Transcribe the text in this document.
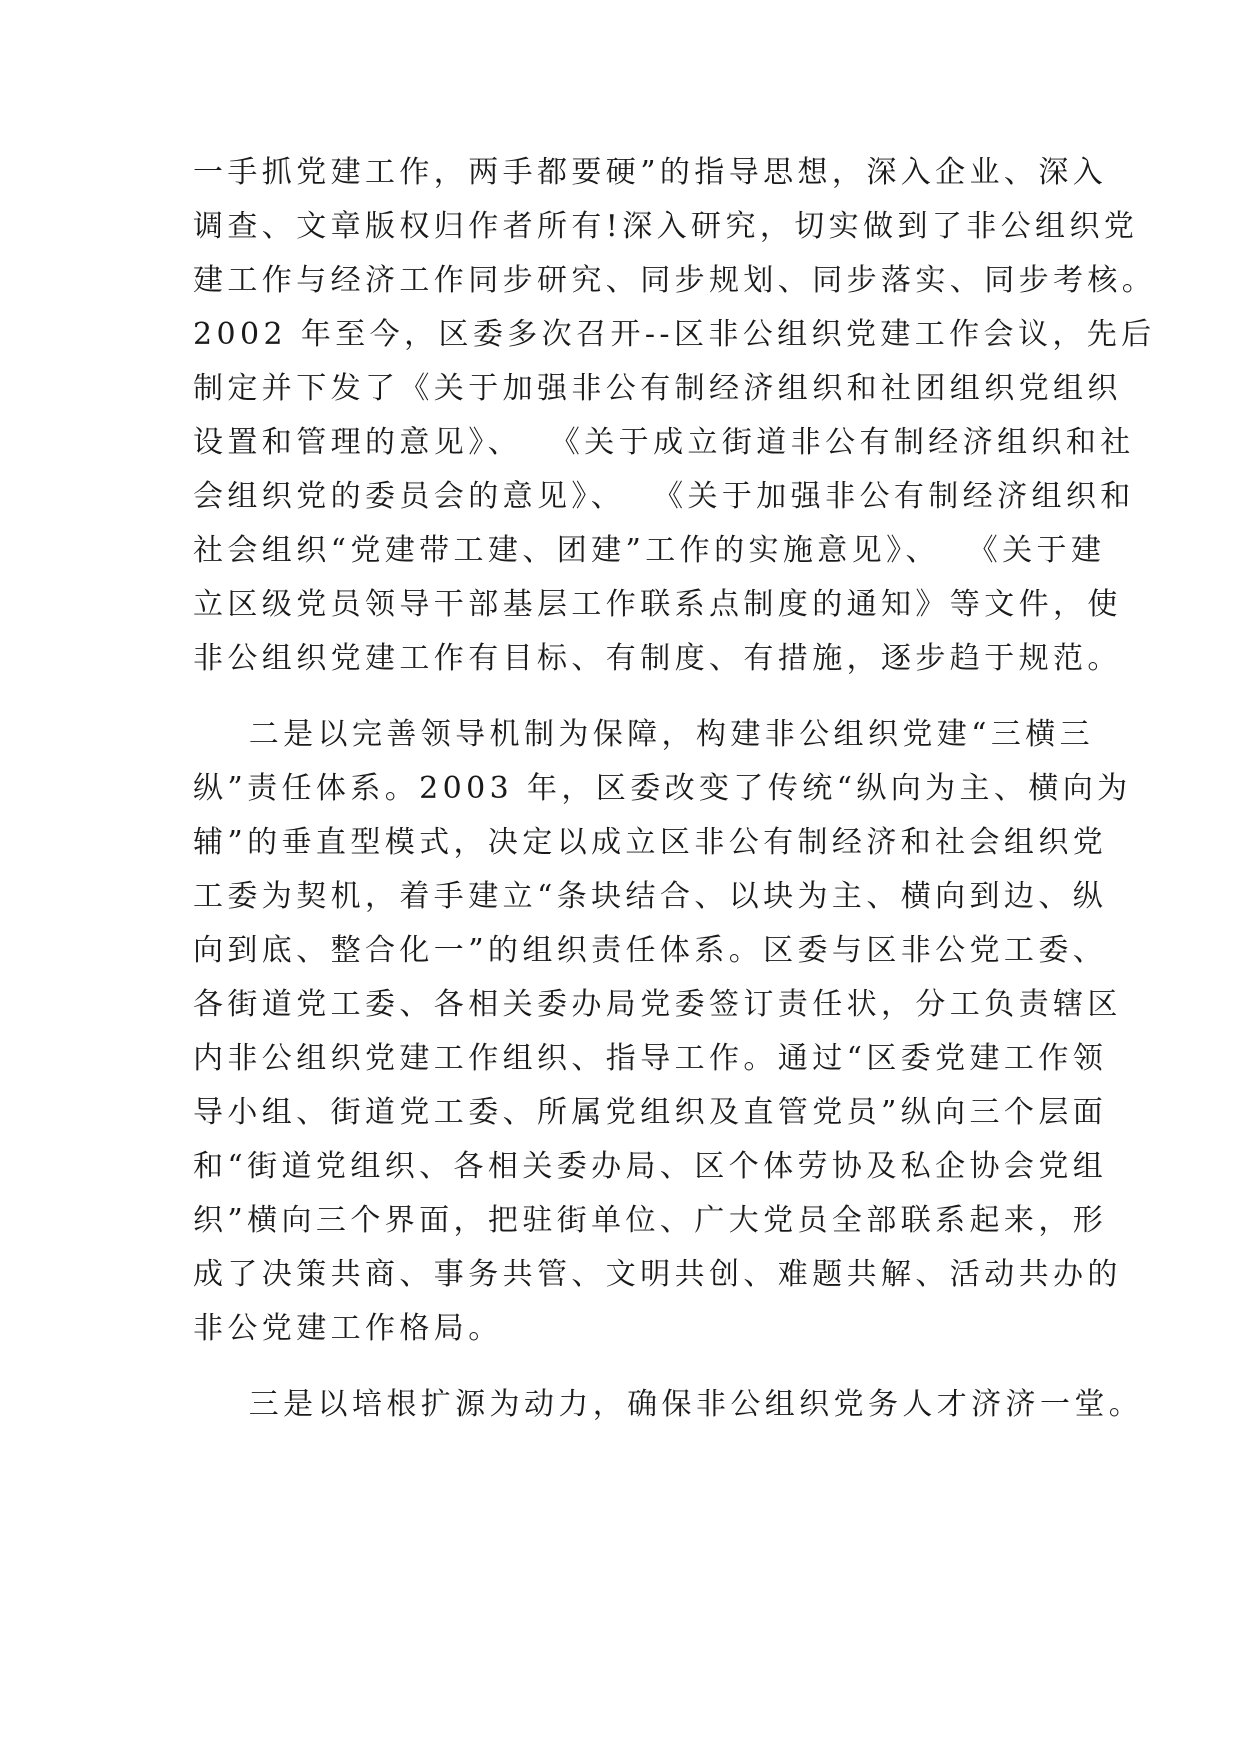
一手抓党建工作，两手都要硬”的指导思想，深入企业、深入
调查、文章版权归作者所有!深入研究，切实做到了非公组织党
建工作与经济工作同步研究、同步规划、同步落实、同步考核。
2002 年至今，区委多次召开--区非公组织党建工作会议，先后
制定并下发了《关于加强非公有制经济组织和社团组织党组织
设置和管理的意见》、  《关于成立街道非公有制经济组织和社
会组织党的委员会的意见》、  《关于加强非公有制经济组织和
社会组织“党建带工建、团建”工作的实施意见》、  《关于建
立区级党员领导干部基层工作联系点制度的通知》等文件，使
非公组织党建工作有目标、有制度、有措施，逐步趋于规范。
二是以完善领导机制为保障，构建非公组织党建“三横三
纵”责任体系。2003 年，区委改变了传统“纵向为主、横向为
辅”的垂直型模式，决定以成立区非公有制经济和社会组织党
工委为契机，着手建立“条块结合、以块为主、横向到边、纵
向到底、整合化一”的组织责任体系。区委与区非公党工委、
各街道党工委、各相关委办局党委签订责任状，分工负责辖区
内非公组织党建工作组织、指导工作。通过“区委党建工作领
导小组、街道党工委、所属党组织及直管党员”纵向三个层面
和“街道党组织、各相关委办局、区个体劳协及私企协会党组
织”横向三个界面，把驻街单位、广大党员全部联系起来，形
成了决策共商、事务共管、文明共创、难题共解、活动共办的
非公党建工作格局。
三是以培根扩源为动力，确保非公组织党务人才济济一堂。
